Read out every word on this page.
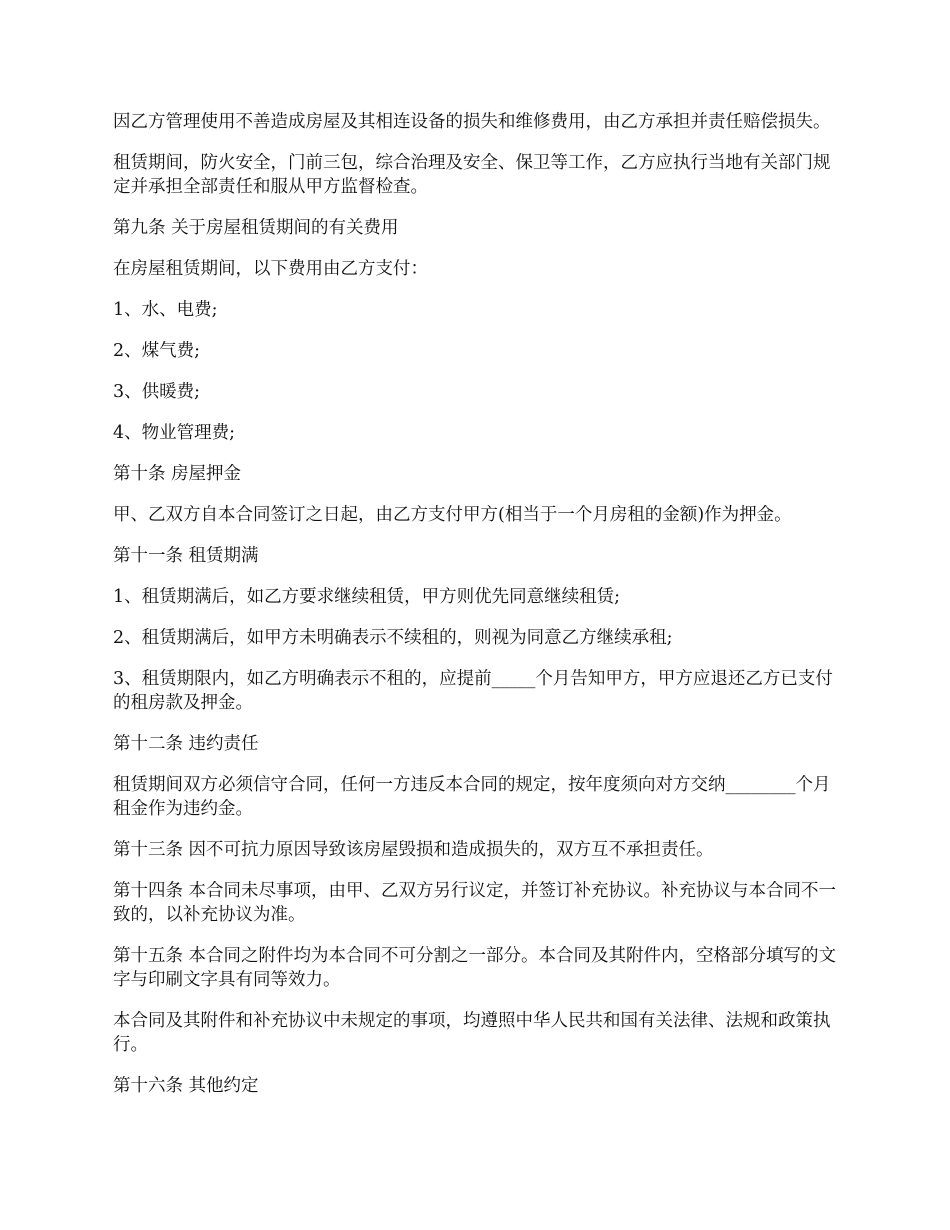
因乙方管理使用不善造成房屋及其相连设备的损失和维修费用，由乙方承担并责任赔偿损失。

租赁期间，防火安全，门前三包，综合治理及安全、保卫等工作，乙方应执行当地有关部门规定并承担全部责任和服从甲方监督检查。

第九条 关于房屋租赁期间的有关费用

在房屋租赁期间，以下费用由乙方支付：

1、水、电费;

2、煤气费;

3、供暖费;

4、物业管理费;

第十条 房屋押金

甲、乙双方自本合同签订之日起，由乙方支付甲方(相当于一个月房租的金额)作为押金。

第十一条 租赁期满

1、租赁期满后，如乙方要求继续租赁，甲方则优先同意继续租赁;

2、租赁期满后，如甲方未明确表示不续租的，则视为同意乙方继续承租;

3、租赁期限内，如乙方明确表示不租的，应提前_____个月告知甲方，甲方应退还乙方已支付的租房款及押金。

第十二条 违约责任

租赁期间双方必须信守合同，任何一方违反本合同的规定，按年度须向对方交纳________个月租金作为违约金。

第十三条 因不可抗力原因导致该房屋毁损和造成损失的，双方互不承担责任。

第十四条 本合同未尽事项，由甲、乙双方另行议定，并签订补充协议。补充协议与本合同不一致的，以补充协议为准。

第十五条 本合同之附件均为本合同不可分割之一部分。本合同及其附件内，空格部分填写的文字与印刷文字具有同等效力。

本合同及其附件和补充协议中未规定的事项，均遵照中华人民共和国有关法律、法规和政策执行。

第十六条 其他约定
